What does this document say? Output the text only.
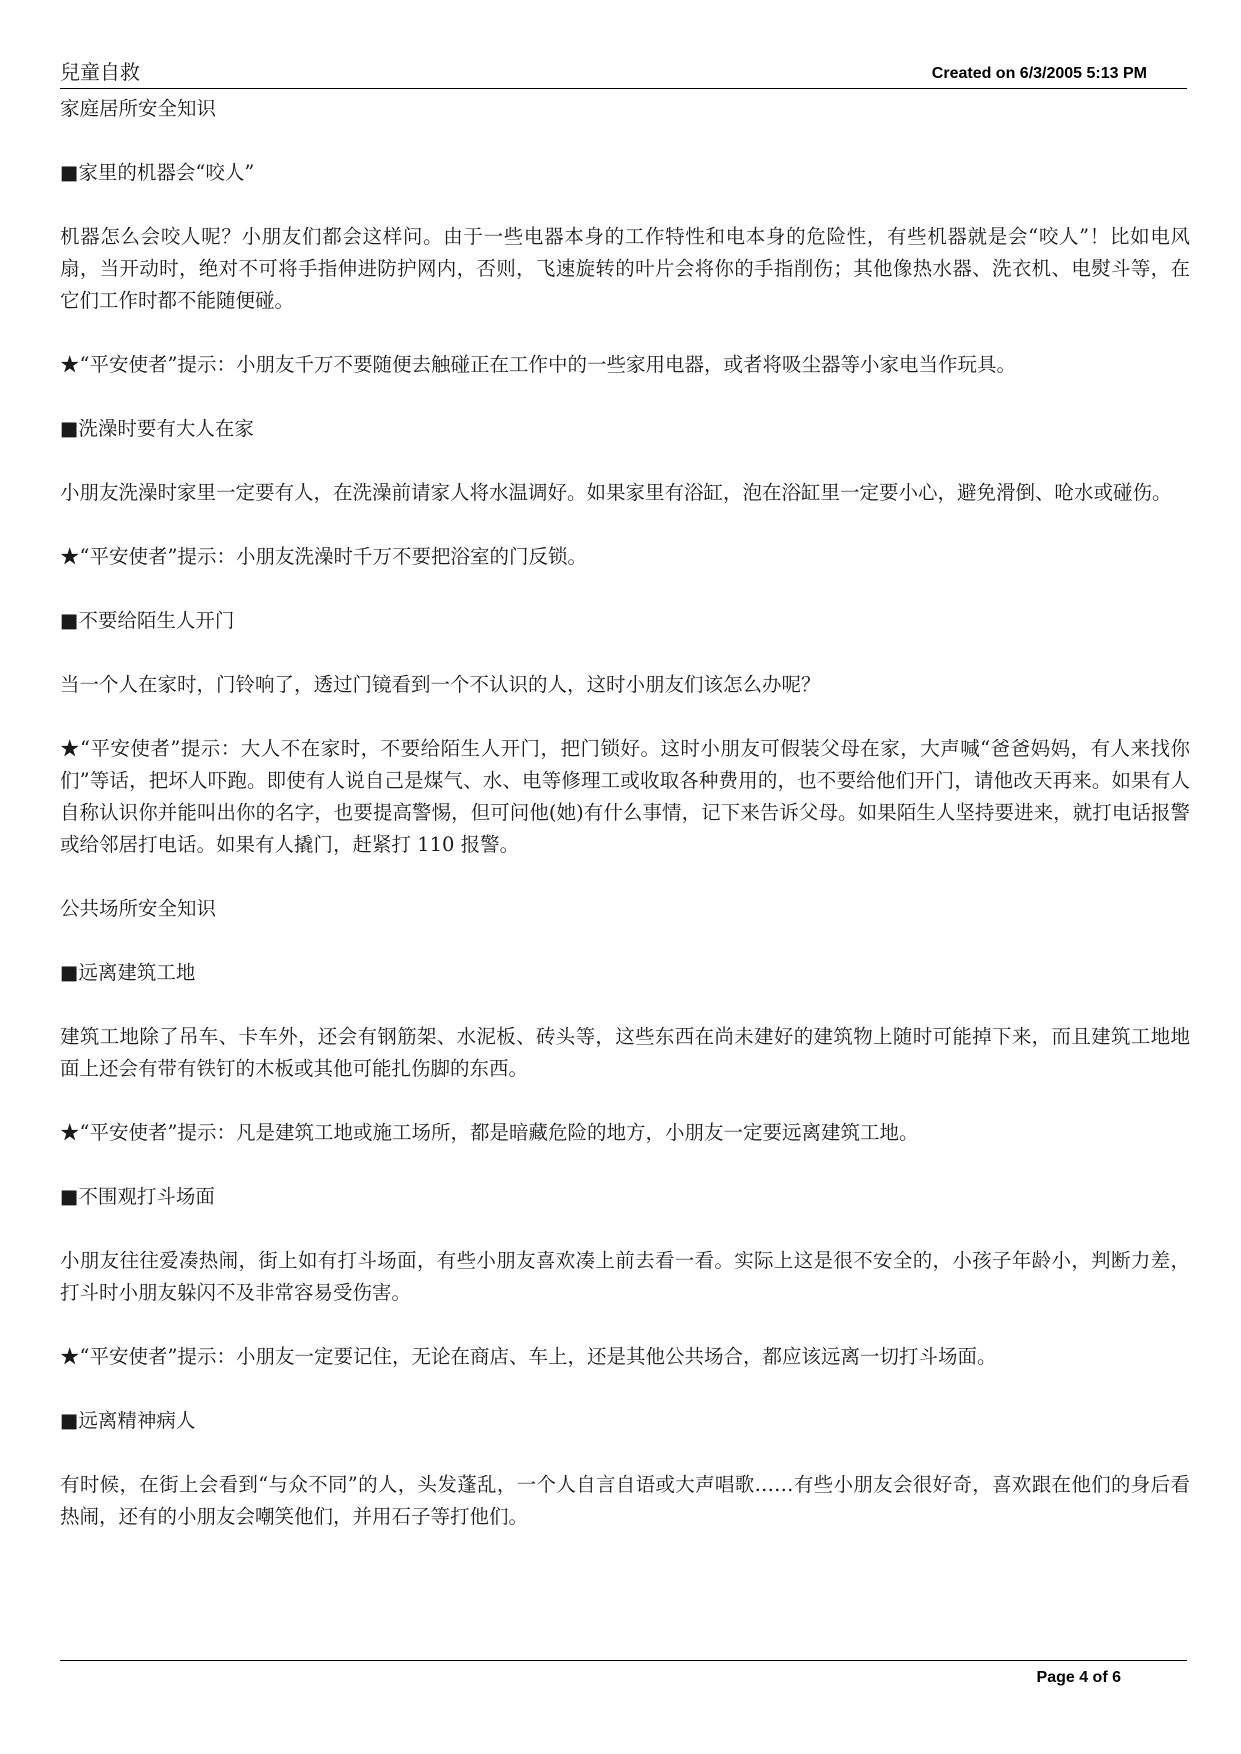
兒童自救	Created on 6/3/2005 5:13 PM

家庭居所安全知识

■家里的机器会“咬人”

机器怎么会咬人呢？小朋友们都会这样问。由于一些电器本身的工作特性和电本身的危险性，有些机器就是会“咬人”！比如电风扇，当开动时，绝对不可将手指伸进防护网内，否则，飞速旋转的叶片会将你的手指削伤；其他像热水器、洗衣机、电熨斗等，在它们工作时都不能随便碰。

★“平安使者”提示：小朋友千万不要随便去触碰正在工作中的一些家用电器，或者将吸尘器等小家电当作玩具。

■洗澡时要有大人在家

小朋友洗澡时家里一定要有人，在洗澡前请家人将水温调好。如果家里有浴缸，泡在浴缸里一定要小心，避免滑倒、呛水或碰伤。

★“平安使者”提示：小朋友洗澡时千万不要把浴室的门反锁。

■不要给陌生人开门

当一个人在家时，门铃响了，透过门镜看到一个不认识的人，这时小朋友们该怎么办呢？

★“平安使者”提示：大人不在家时，不要给陌生人开门，把门锁好。这时小朋友可假装父母在家，大声喊“爸爸妈妈，有人来找你们”等话，把坏人吓跑。即使有人说自己是煤气、水、电等修理工或收取各种费用的，也不要给他们开门，请他改天再来。如果有人自称认识你并能叫出你的名字，也要提高警惕，但可问他(她)有什么事情，记下来告诉父母。如果陌生人坚持要进来，就打电话报警或给邻居打电话。如果有人撬门，赶紧打 110 报警。

公共场所安全知识

■远离建筑工地

建筑工地除了吊车、卡车外，还会有钢筋架、水泥板、砖头等，这些东西在尚未建好的建筑物上随时可能掉下来，而且建筑工地地面上还会有带有铁钉的木板或其他可能扎伤脚的东西。

★“平安使者”提示：凡是建筑工地或施工场所，都是暗藏危险的地方，小朋友一定要远离建筑工地。

■不围观打斗场面

小朋友往往爱凑热闹，街上如有打斗场面，有些小朋友喜欢凑上前去看一看。实际上这是很不安全的，小孩子年龄小，判断力差，打斗时小朋友躲闪不及非常容易受伤害。

★“平安使者”提示：小朋友一定要记住，无论在商店、车上，还是其他公共场合，都应该远离一切打斗场面。

■远离精神病人

有时候，在街上会看到“与众不同”的人，头发蓬乱，一个人自言自语或大声唱歌……有些小朋友会很好奇，喜欢跟在他们的身后看热闹，还有的小朋友会嘲笑他们，并用石子等打他们。

Page 4 of 6
